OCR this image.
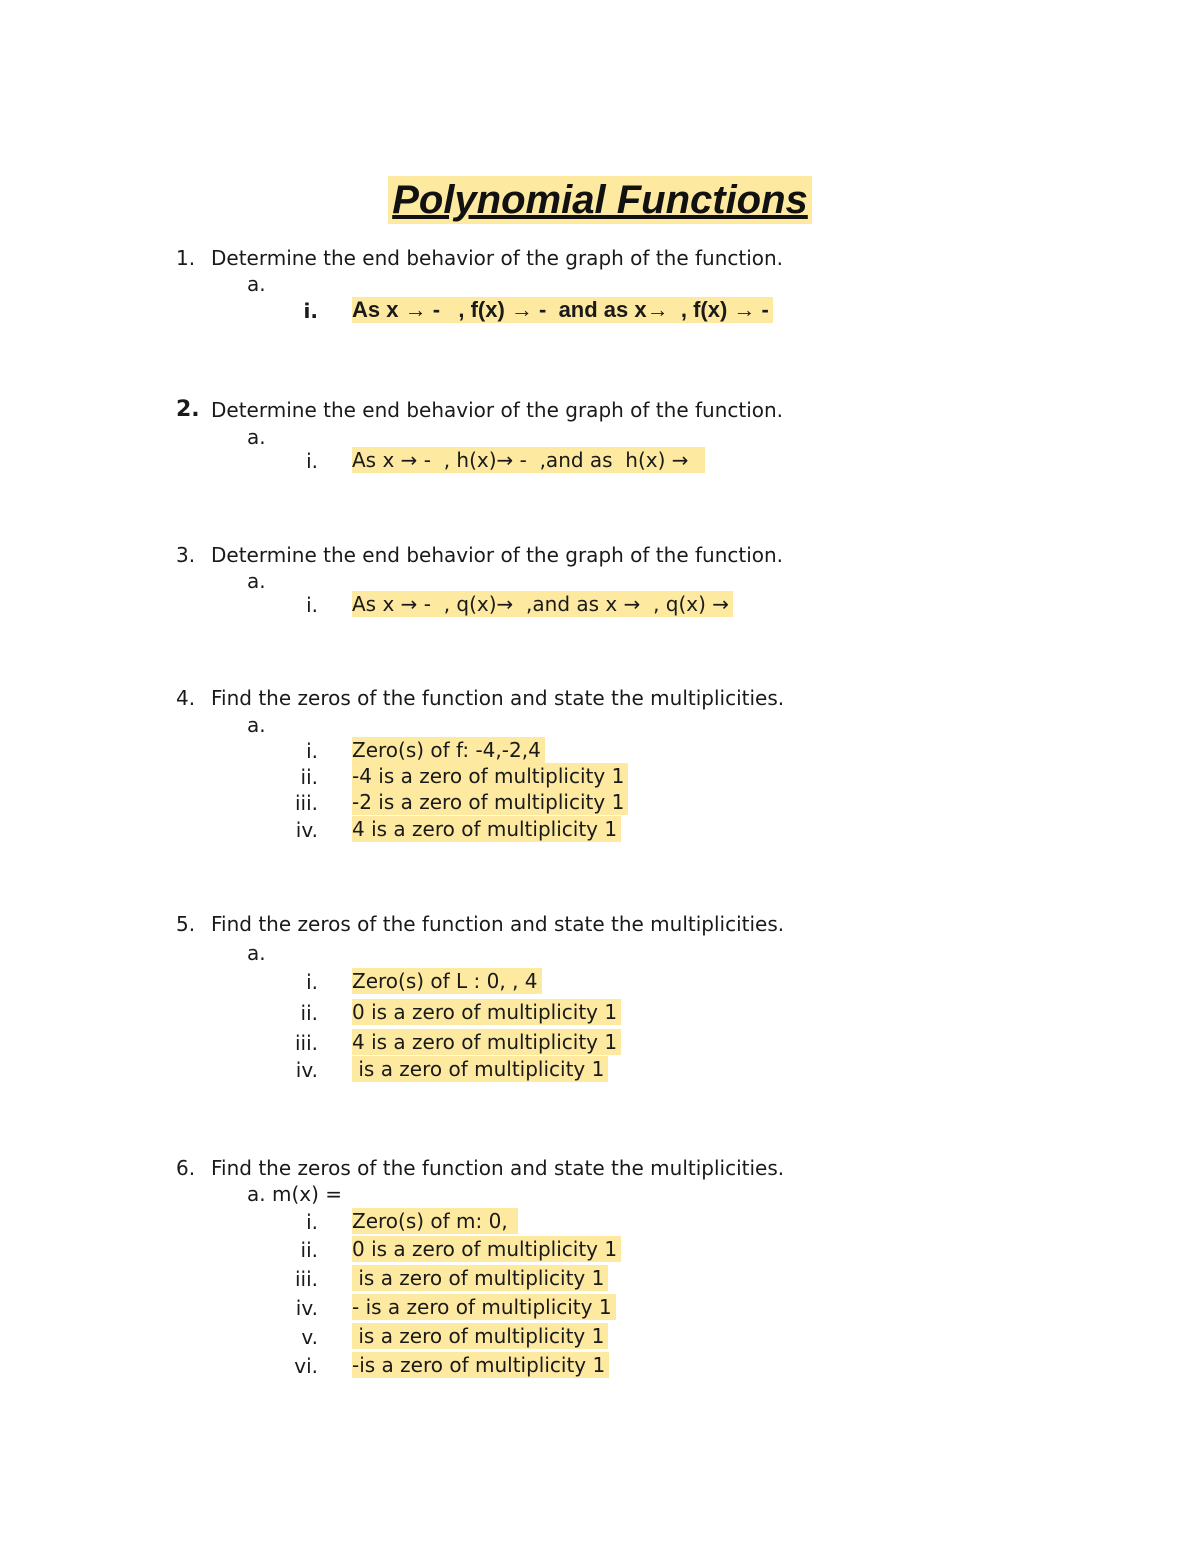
Polynomial Functions
1. Determine the end behavior of the graph of the function.
a.
i. As x → -   , f(x) → -  and as x→  , f(x) → -
2. Determine the end behavior of the graph of the function.
a.
i. As x → -  , h(x)→ -  ,and as  h(x) →
3. Determine the end behavior of the graph of the function.
a.
i. As x → -  , q(x)→  ,and as x →  , q(x) →
4. Find the zeros of the function and state the multiplicities.
a.
i. Zero(s) of f: -4,-2,4
ii. -4 is a zero of multiplicity 1
iii. -2 is a zero of multiplicity 1
iv. 4 is a zero of multiplicity 1
5. Find the zeros of the function and state the multiplicities.
a.
i. Zero(s) of L : 0, , 4
ii. 0 is a zero of multiplicity 1
iii. 4 is a zero of multiplicity 1
iv. is a zero of multiplicity 1
6. Find the zeros of the function and state the multiplicities.
a. m(x) =
i. Zero(s) of m: 0,
ii. 0 is a zero of multiplicity 1
iii. is a zero of multiplicity 1
iv. - is a zero of multiplicity 1
v. is a zero of multiplicity 1
vi. -is a zero of multiplicity 1
